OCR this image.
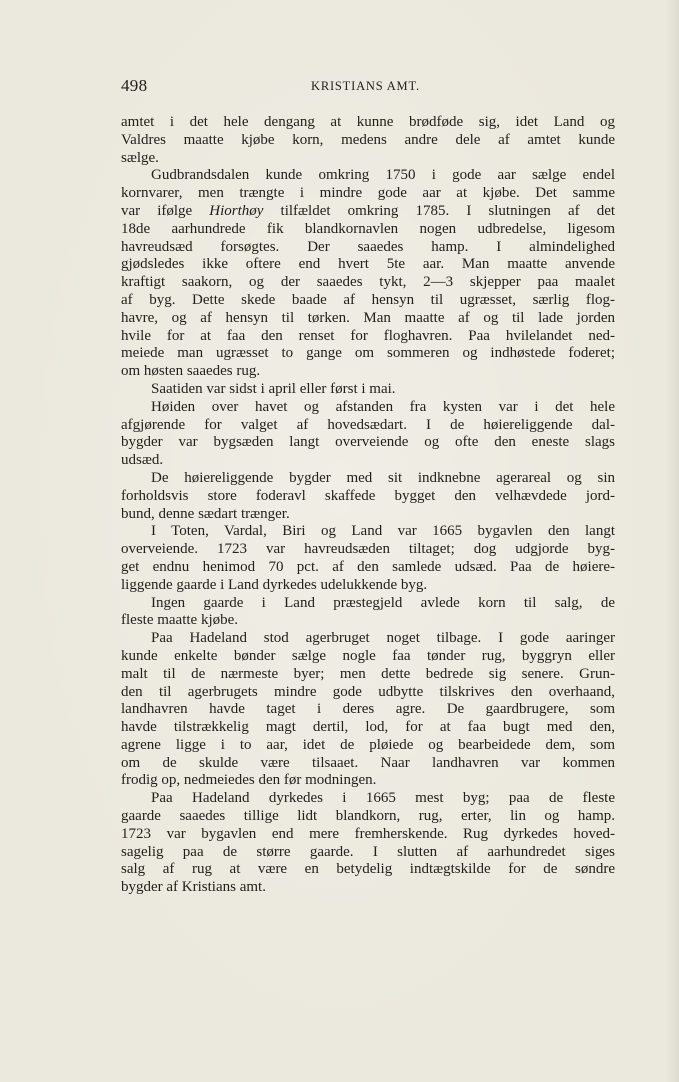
498	KRISTIANS AMT.
amtet i det hele dengang at kunne brødføde sig, idet Land og
Valdres maatte kjøbe korn, medens andre dele af amtet kunde
sælge.
Gudbrandsdalen kunde omkring 1750 i gode aar sælge endel
kornvarer, men trængte i mindre gode aar at kjøbe. Det samme
var ifølge Hiorthøy tilfældet omkring 1785. I slutningen af det
18de aarhundrede fik blandkornavlen nogen udbredelse, ligesom
havreudsæd forsøgtes. Der saaedes hamp. I almindelighed
gjødsledes ikke oftere end hvert 5te aar. Man maatte anvende
kraftigt saakorn, og der saaedes tykt, 2—3 skjepper paa maalet
af byg. Dette skede baade af hensyn til ugræsset, særlig flog-
havre, og af hensyn til tørken. Man maatte af og til lade jorden
hvile for at faa den renset for floghavren. Paa hvilelandet ned-
meiede man ugræsset to gange om sommeren og indhøstede foderet;
om høsten saaedes rug.
Saatiden var sidst i april eller først i mai.
Høiden over havet og afstanden fra kysten var i det hele
afgjørende for valget af hovedsædart. I de høiereliggende dal-
bygder var bygsæden langt overveiende og ofte den eneste slags
udsæd.
De høiereliggende bygder med sit indknebne agerareal og sin
forholdsvis store foderavl skaffede bygget den velhævdede jord-
bund, denne sædart trænger.
I Toten, Vardal, Biri og Land var 1665 bygavlen den langt
overveiende. 1723 var havreudsæden tiltaget; dog udgjorde byg-
get endnu henimod 70 pct. af den samlede udsæd. Paa de høiere-
liggende gaarde i Land dyrkedes udelukkende byg.
Ingen gaarde i Land præstegjeld avlede korn til salg, de
fleste maatte kjøbe.
Paa Hadeland stod agerbruget noget tilbage. I gode aaringer
kunde enkelte bønder sælge nogle faa tønder rug, byggryn eller
malt til de nærmeste byer; men dette bedrede sig senere. Grun-
den til agerbrugets mindre gode udbytte tilskrives den overhaand,
landhavren havde taget i deres agre. De gaardbrugere, som
havde tilstrækkelig magt dertil, lod, for at faa bugt med den,
agrene ligge i to aar, idet de pløiede og bearbeidede dem, som
om de skulde være tilsaaet. Naar landhavren var kommen
frodig op, nedmeiedes den før modningen.
Paa Hadeland dyrkedes i 1665 mest byg; paa de fleste
gaarde saaedes tillige lidt blandkorn, rug, erter, lin og hamp.
1723 var bygavlen end mere fremherskende. Rug dyrkedes hoved-
sagelig paa de større gaarde. I slutten af aarhundredet siges
salg af rug at være en betydelig indtægtskilde for de søndre
bygder af Kristians amt.
